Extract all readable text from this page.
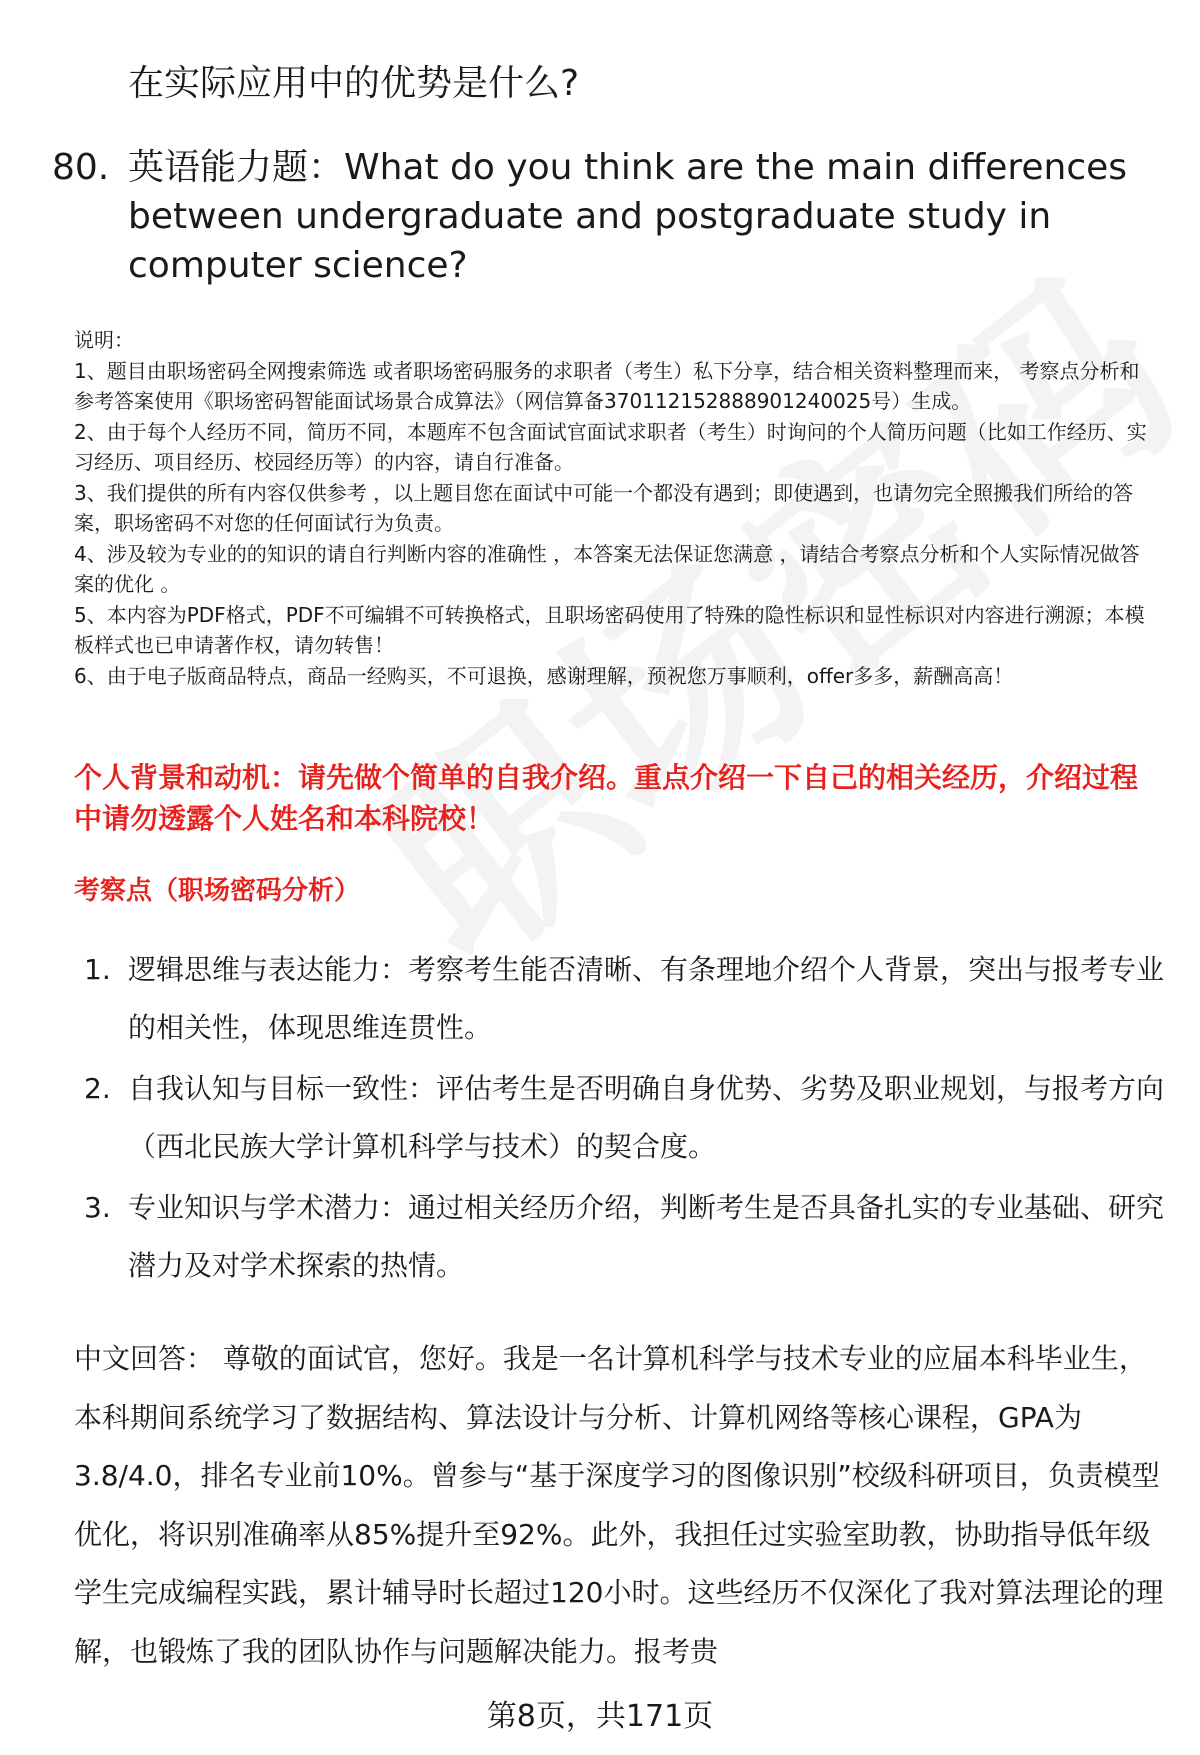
在实际应用中的优势是什么?
80. 英语能力题：What do you think are the main differences between undergraduate and postgraduate study in computer science?

说明：

1、题目由职场密码全网搜索筛选 或者职场密码服务的求职者（考生）私下分享，结合相关资料整理而来， 考察点分析和参考答案使用《职场密码智能面试场景合成算法》（网信算备370112152888901240025号）生成。

2、由于每个人经历不同，简历不同，本题库不包含面试官面试求职者（考生）时询问的个人简历问题（比如工作经历、实习经历、项目经历、校园经历等）的内容，请自行准备。

3、我们提供的所有内容仅供参考 ，以上题目您在面试中可能一个都没有遇到；即使遇到，也请勿完全照搬我们所给的答案，职场密码不对您的任何面试行为负责。

4、涉及较为专业的的知识的请自行判断内容的准确性 ，本答案无法保证您满意 ，请结合考察点分析和个人实际情况做答案的优化 。

5、本内容为PDF格式，PDF不可编辑不可转换格式，且职场密码使用了特殊的隐性标识和显性标识对内容进行溯源；本模板样式也已申请著作权，请勿转售！

6、由于电子版商品特点，商品一经购买，不可退换，感谢理解，预祝您万事顺利，offer多多，薪酬高高！

个人背景和动机：请先做个简单的自我介绍。重点介绍一下自己的相关经历，介绍过程中请勿透露个人姓名和本科院校！
考察点（职场密码分析）
1. 逻辑思维与表达能力：考察考生能否清晰、有条理地介绍个人背景，突出与报考专业的相关性，体现思维连贯性。
2. 自我认知与目标一致性：评估考生是否明确自身优势、劣势及职业规划，与报考方向（西北民族大学计算机科学与技术）的契合度。
3. 专业知识与学术潜力：通过相关经历介绍，判断考生是否具备扎实的专业基础、研究潜力及对学术探索的热情。
中文回答： 尊敬的面试官，您好。我是一名计算机科学与技术专业的应届本科毕业生，本科期间系统学习了数据结构、算法设计与分析、计算机网络等核心课程，GPA为3.8/4.0，排名专业前10%。曾参与“基于深度学习的图像识别”校级科研项目，负责模型优化，将识别准确率从85%提升至92%。此外，我担任过实验室助教，协助指导低年级学生完成编程实践，累计辅导时长超过120小时。这些经历不仅深化了我对算法理论的理解，也锻炼了我的团队协作与问题解决能力。报考贵
第8页，共171页
